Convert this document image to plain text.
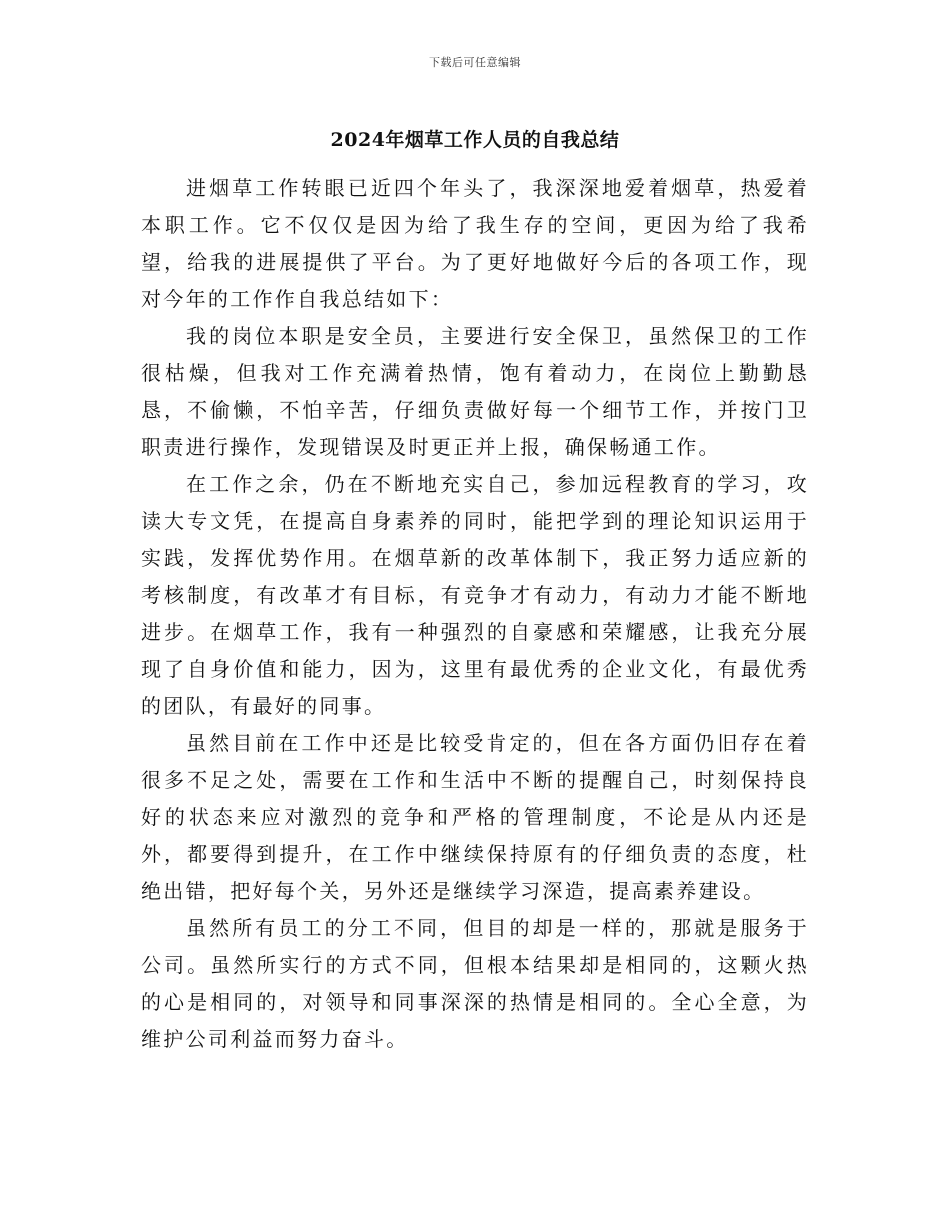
下载后可任意编辑
2024年烟草工作人员的自我总结

进烟草工作转眼已近四个年头了，我深深地爱着烟草，热爱着本职工作。它不仅仅是因为给了我生存的空间，更因为给了我希望，给我的进展提供了平台。为了更好地做好今后的各项工作，现对今年的工作作自我总结如下：

我的岗位本职是安全员，主要进行安全保卫，虽然保卫的工作很枯燥，但我对工作充满着热情，饱有着动力，在岗位上勤勤恳恳，不偷懒，不怕辛苦，仔细负责做好每一个细节工作，并按门卫职责进行操作，发现错误及时更正并上报，确保畅通工作。

在工作之余，仍在不断地充实自己，参加远程教育的学习，攻读大专文凭，在提高自身素养的同时，能把学到的理论知识运用于实践，发挥优势作用。在烟草新的改革体制下，我正努力适应新的考核制度，有改革才有目标，有竞争才有动力，有动力才能不断地进步。在烟草工作，我有一种强烈的自豪感和荣耀感，让我充分展现了自身价值和能力，因为，这里有最优秀的企业文化，有最优秀的团队，有最好的同事。

虽然目前在工作中还是比较受肯定的，但在各方面仍旧存在着很多不足之处，需要在工作和生活中不断的提醒自己，时刻保持良好的状态来应对激烈的竞争和严格的管理制度，不论是从内还是外，都要得到提升，在工作中继续保持原有的仔细负责的态度，杜绝出错，把好每个关，另外还是继续学习深造，提高素养建设。

虽然所有员工的分工不同，但目的却是一样的，那就是服务于公司。虽然所实行的方式不同，但根本结果却是相同的，这颗火热的心是相同的，对领导和同事深深的热情是相同的。全心全意，为维护公司利益而努力奋斗。
